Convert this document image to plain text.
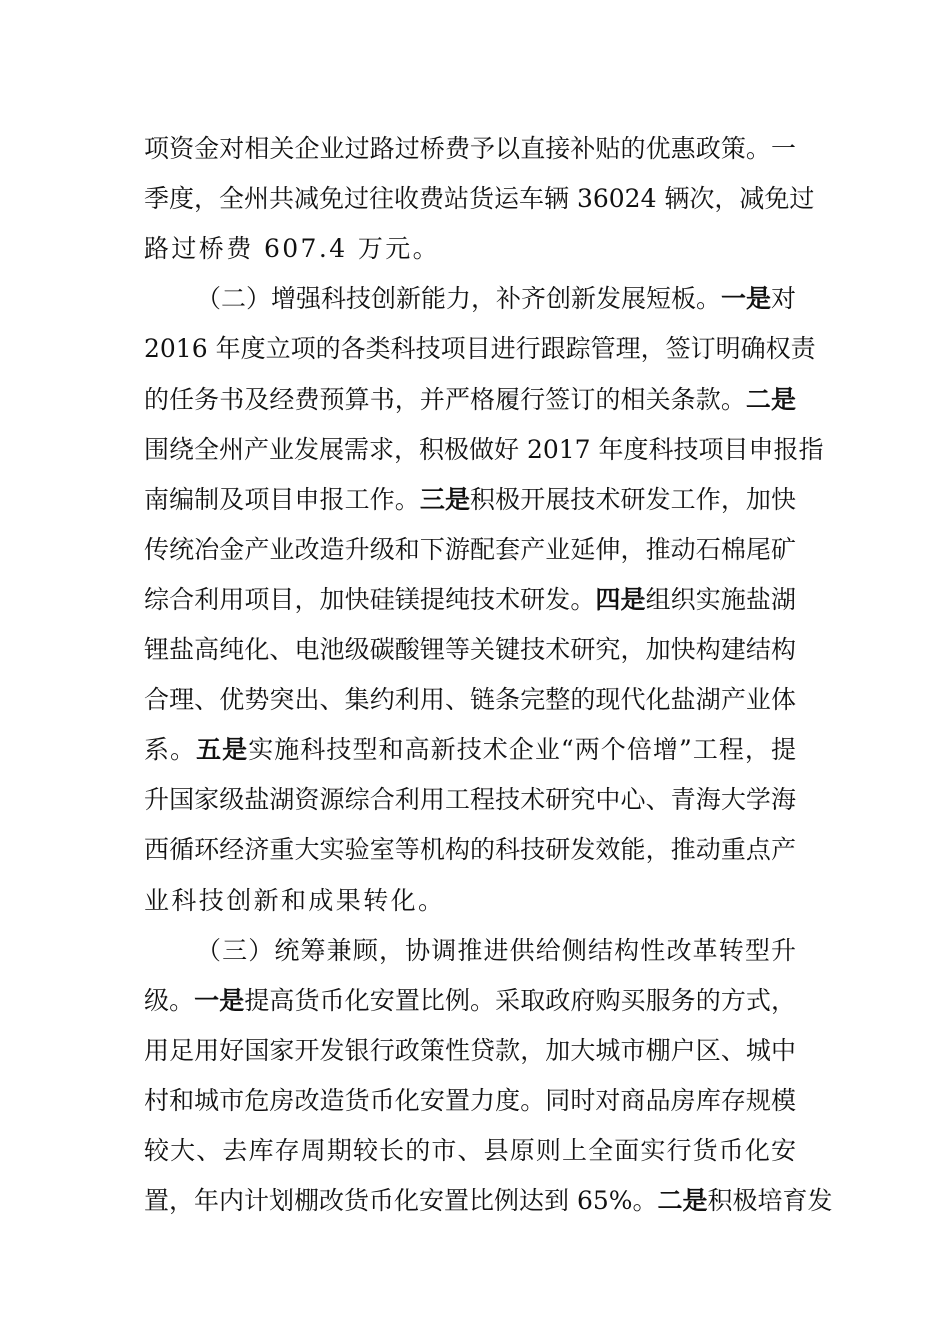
项资金对相关企业过路过桥费予以直接补贴的优惠政策。一
季度，全州共减免过往收费站货运车辆 36024 辆次，减免过
路过桥费 607.4 万元。
（二）增强科技创新能力，补齐创新发展短板。一是对
2016 年度立项的各类科技项目进行跟踪管理，签订明确权责
的任务书及经费预算书，并严格履行签订的相关条款。二是
围绕全州产业发展需求，积极做好 2017 年度科技项目申报指
南编制及项目申报工作。三是积极开展技术研发工作，加快
传统冶金产业改造升级和下游配套产业延伸，推动石棉尾矿
综合利用项目，加快硅镁提纯技术研发。四是组织实施盐湖
锂盐高纯化、电池级碳酸锂等关键技术研究，加快构建结构
合理、优势突出、集约利用、链条完整的现代化盐湖产业体
系。五是实施科技型和高新技术企业“两个倍增”工程，提
升国家级盐湖资源综合利用工程技术研究中心、青海大学海
西循环经济重大实验室等机构的科技研发效能，推动重点产
业科技创新和成果转化。
（三）统筹兼顾，协调推进供给侧结构性改革转型升
级。一是提高货币化安置比例。采取政府购买服务的方式，
用足用好国家开发银行政策性贷款，加大城市棚户区、城中
村和城市危房改造货币化安置力度。同时对商品房库存规模
较大、去库存周期较长的市、县原则上全面实行货币化安
置，年内计划棚改货币化安置比例达到 65%。二是积极培育发
